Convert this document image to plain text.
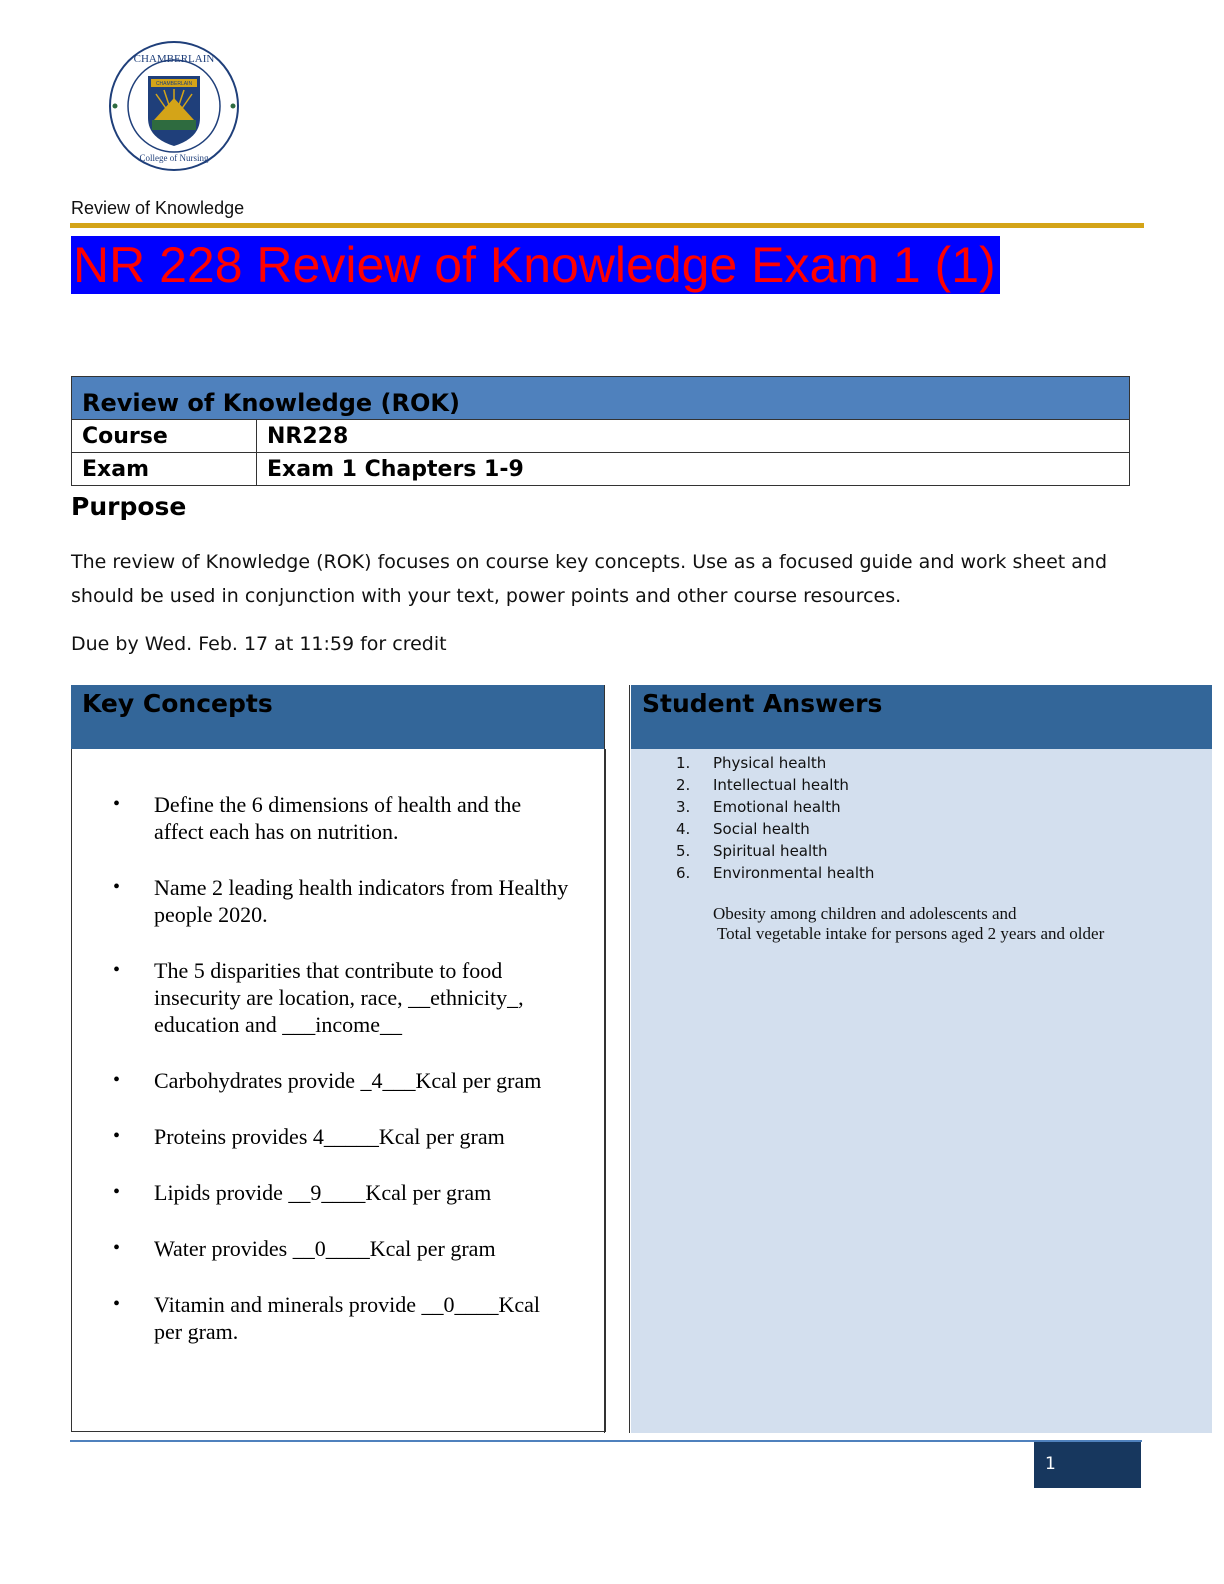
CHAMBERLAIN
College of Nursing
CHAMBERLAIN
Review of Knowledge
NR 228 Review of Knowledge Exam 1 (1)
Review of Knowledge (ROK)	
Course	NR228
Exam	Exam 1 Chapters 1-9
Purpose
The review of Knowledge (ROK) focuses on course key concepts. Use as a focused guide and work sheet and should be used in conjunction with your text, power points and other course resources.
Due by Wed. Feb. 17 at 11:59 for credit
Key Concepts	Student Answers
• Define the 6 dimensions of health and the affect each has on nutrition.
• Name 2 leading health indicators from Healthy people 2020.
• The 5 disparities that contribute to food insecurity are location, race, __ethnicity_, education and ___income__
• Carbohydrates provide _4___Kcal per gram
• Proteins provides 4_____Kcal per gram
• Lipids provide __9____Kcal per gram
• Water provides __0____Kcal per gram
• Vitamin and minerals provide __0____Kcal per gram.
1. Physical health
2. Intellectual health
3. Emotional health
4. Social health
5. Spiritual health
6. Environmental health
Obesity among children and adolescents and
Total vegetable intake for persons aged 2 years and older
1
